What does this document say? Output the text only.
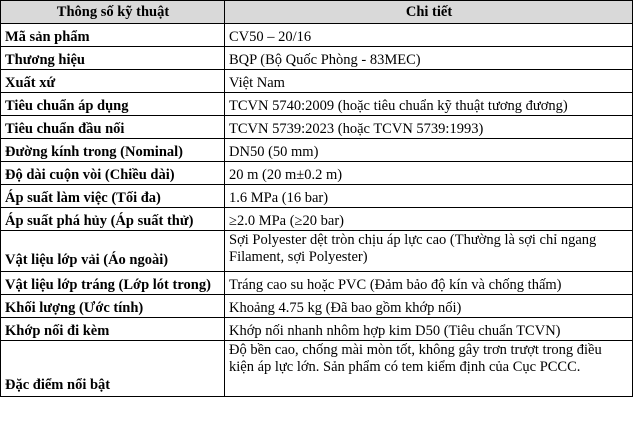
Thông số kỹ thuật	Chi tiết
Mã sản phẩm	CV50 – 20/16
Thương hiệu	BQP (Bộ Quốc Phòng - 83MEC)
Xuất xứ	Việt Nam
Tiêu chuẩn áp dụng	TCVN 5740:2009 (hoặc tiêu chuẩn kỹ thuật tương đương)
Tiêu chuẩn đầu nối	TCVN 5739:2023 (hoặc TCVN 5739:1993)
Đường kính trong (Nominal)	DN50 (50 mm)
Độ dài cuộn vòi (Chiều dài)	20 m (20 m±0.2 m)
Áp suất làm việc (Tối đa)	1.6 MPa (16 bar)
Áp suất phá hủy (Áp suất thử)	≥2.0 MPa (≥20 bar)
Vật liệu lớp vải (Áo ngoài)	Sợi Polyester dệt tròn chịu áp lực cao (Thường là sợi chỉ ngang Filament, sợi Polyester)
Vật liệu lớp tráng (Lớp lót trong)	Tráng cao su hoặc PVC (Đảm bảo độ kín và chống thấm)
Khối lượng (Ước tính)	Khoảng 4.75 kg (Đã bao gồm khớp nối)
Khớp nối đi kèm	Khớp nối nhanh nhôm hợp kim D50 (Tiêu chuẩn TCVN)
Đặc điểm nổi bật	Độ bền cao, chống mài mòn tốt, không gây trơn trượt trong điều kiện áp lực lớn. Sản phẩm có tem kiểm định của Cục PCCC.
